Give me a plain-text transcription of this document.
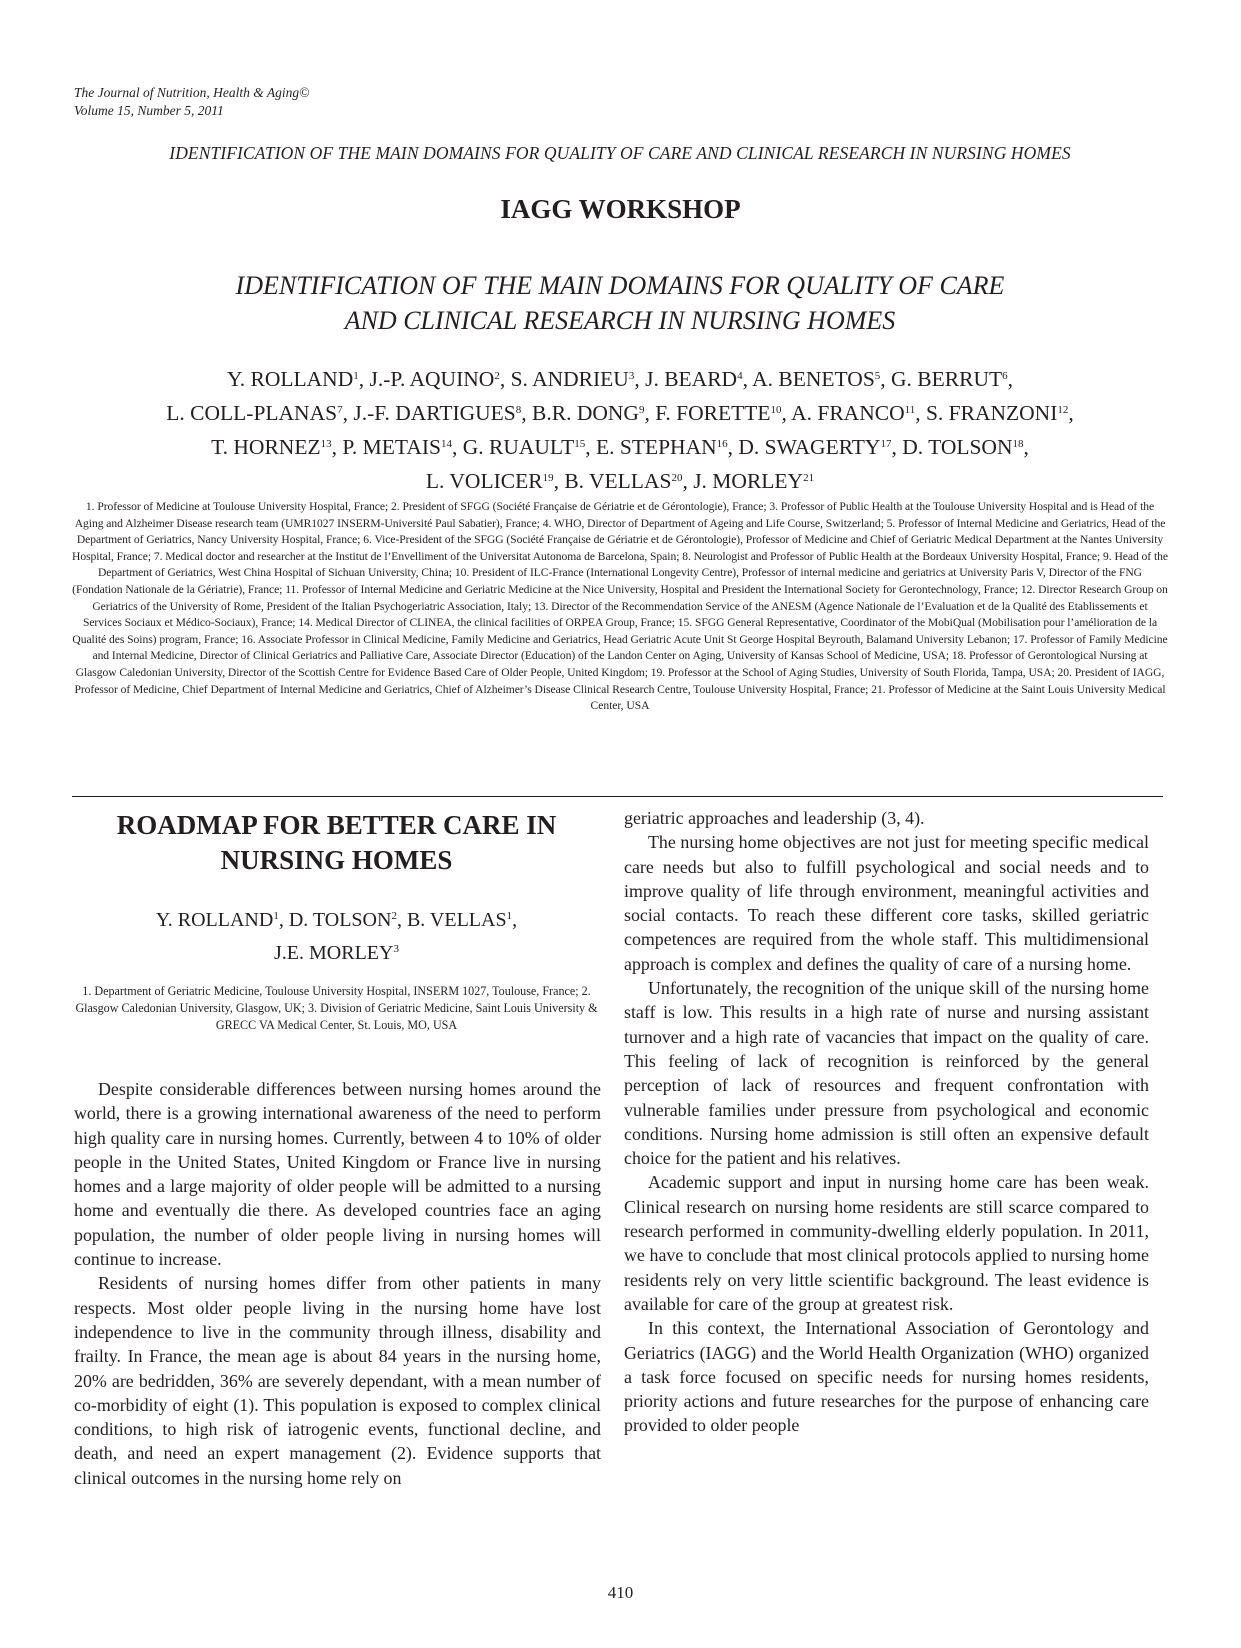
The Journal of Nutrition, Health & Aging©
Volume 15, Number 5, 2011
IDENTIFICATION OF THE MAIN DOMAINS FOR QUALITY OF CARE AND CLINICAL RESEARCH IN NURSING HOMES
IAGG WORKSHOP
IDENTIFICATION OF THE MAIN DOMAINS FOR QUALITY OF CARE
AND CLINICAL RESEARCH IN NURSING HOMES
Y. ROLLAND$^1$, J.-P. AQUINO$^2$, S. ANDRIEU$^3$, J. BEARD$^4$, A. BENETOS$^5$, G. BERRUT$^6$,
L. COLL-PLANAS$^7$, J.-F. DARTIGUES$^8$, B.R. DONG$^9$, F. FORETTE$^{10}$, A. FRANCO$^{11}$, S. FRANZONI$^{12}$,
T. HORNEZ$^{13}$, P. METAIS$^{14}$, G. RUAULT$^{15}$, E. STEPHAN$^{16}$, D. SWAGERTY$^{17}$, D. TOLSON$^{18}$,
L. VOLICER$^{19}$, B. VELLAS$^{20}$, J. MORLEY$^{21}$
1. Professor of Medicine at Toulouse University Hospital, France; 2. President of SFGG (Société Française de Gériatrie et de Gérontologie), France; 3. Professor of Public Health at the Toulouse University Hospital and is Head of the Aging and Alzheimer Disease research team (UMR1027 INSERM-Université Paul Sabatier), France; 4. WHO, Director of Department of Ageing and Life Course, Switzerland; 5. Professor of Internal Medicine and Geriatrics, Head of the Department of Geriatrics, Nancy University Hospital, France; 6. Vice-President of the SFGG (Société Française de Gériatrie et de Gérontologie), Professor of Medicine and Chief of Geriatric Medical Department at the Nantes University Hospital, France; 7. Medical doctor and researcher at the Institut de l’Envelliment of the Universitat Autonoma de Barcelona, Spain; 8. Neurologist and Professor of Public Health at the Bordeaux University Hospital, France; 9. Head of the Department of Geriatrics, West China Hospital of Sichuan University, China; 10. President of ILC-France (International Longevity Centre), Professor of internal medicine and geriatrics at University Paris V, Director of the FNG (Fondation Nationale de la Gériatrie), France; 11. Professor of Internal Medicine and Geriatric Medicine at the Nice University, Hospital and President the International Society for Gerontechnology, France; 12. Director Research Group on Geriatrics of the University of Rome, President of the Italian Psychogeriatric Association, Italy; 13. Director of the Recommendation Service of the ANESM (Agence Nationale de l’Evaluation et de la Qualité des Etablissements et Services Sociaux et Médico-Sociaux), France; 14. Medical Director of CLINEA, the clinical facilities of ORPEA Group, France; 15. SFGG General Representative, Coordinator of the MobiQual (Mobilisation pour l’amélioration de la Qualité des Soins) program, France; 16. Associate Professor in Clinical Medicine, Family Medicine and Geriatrics, Head Geriatric Acute Unit St George Hospital Beyrouth, Balamand University Lebanon; 17. Professor of Family Medicine and Internal Medicine, Director of Clinical Geriatrics and Palliative Care, Associate Director (Education) of the Landon Center on Aging, University of Kansas School of Medicine, USA; 18. Professor of Gerontological Nursing at Glasgow Caledonian University, Director of the Scottish Centre for Evidence Based Care of Older People, United Kingdom; 19. Professor at the School of Aging Studies, University of South Florida, Tampa, USA; 20. President of IAGG, Professor of Medicine, Chief Department of Internal Medicine and Geriatrics, Chief of Alzheimer’s Disease Clinical Research Centre, Toulouse University Hospital, France; 21. Professor of Medicine at the Saint Louis University Medical Center, USA
ROADMAP FOR BETTER CARE IN
NURSING HOMES
Y. ROLLAND$^1$, D. TOLSON$^2$, B. VELLAS$^1$,
J.E. MORLEY$^3$
1. Department of Geriatric Medicine, Toulouse University Hospital, INSERM 1027, Toulouse, France; 2. Glasgow Caledonian University, Glasgow, UK; 3. Division of Geriatric Medicine, Saint Louis University & GRECC VA Medical Center, St. Louis, MO, USA

Despite considerable differences between nursing homes around the world, there is a growing international awareness of the need to perform high quality care in nursing homes. Currently, between 4 to 10% of older people in the United States, United Kingdom or France live in nursing homes and a large majority of older people will be admitted to a nursing home and eventually die there. As developed countries face an aging population, the number of older people living in nursing homes will continue to increase.

Residents of nursing homes differ from other patients in many respects. Most older people living in the nursing home have lost independence to live in the community through illness, disability and frailty. In France, the mean age is about 84 years in the nursing home, 20% are bedridden, 36% are severely dependant, with a mean number of co-morbidity of eight (1). This population is exposed to complex clinical conditions, to high risk of iatrogenic events, functional decline, and death, and need an expert management (2). Evidence supports that clinical outcomes in the nursing home rely on

geriatric approaches and leadership (3, 4).

The nursing home objectives are not just for meeting specific medical care needs but also to fulfill psychological and social needs and to improve quality of life through environment, meaningful activities and social contacts. To reach these different core tasks, skilled geriatric competences are required from the whole staff. This multidimensional approach is complex and defines the quality of care of a nursing home.

Unfortunately, the recognition of the unique skill of the nursing home staff is low. This results in a high rate of nurse and nursing assistant turnover and a high rate of vacancies that impact on the quality of care. This feeling of lack of recognition is reinforced by the general perception of lack of resources and frequent confrontation with vulnerable families under pressure from psychological and economic conditions. Nursing home admission is still often an expensive default choice for the patient and his relatives.

Academic support and input in nursing home care has been weak. Clinical research on nursing home residents are still scarce compared to research performed in community-dwelling elderly population. In 2011, we have to conclude that most clinical protocols applied to nursing home residents rely on very little scientific background. The least evidence is available for care of the group at greatest risk.

In this context, the International Association of Gerontology and Geriatrics (IAGG) and the World Health Organization (WHO) organized a task force focused on specific needs for nursing homes residents, priority actions and future researches for the purpose of enhancing care provided to older people

410
